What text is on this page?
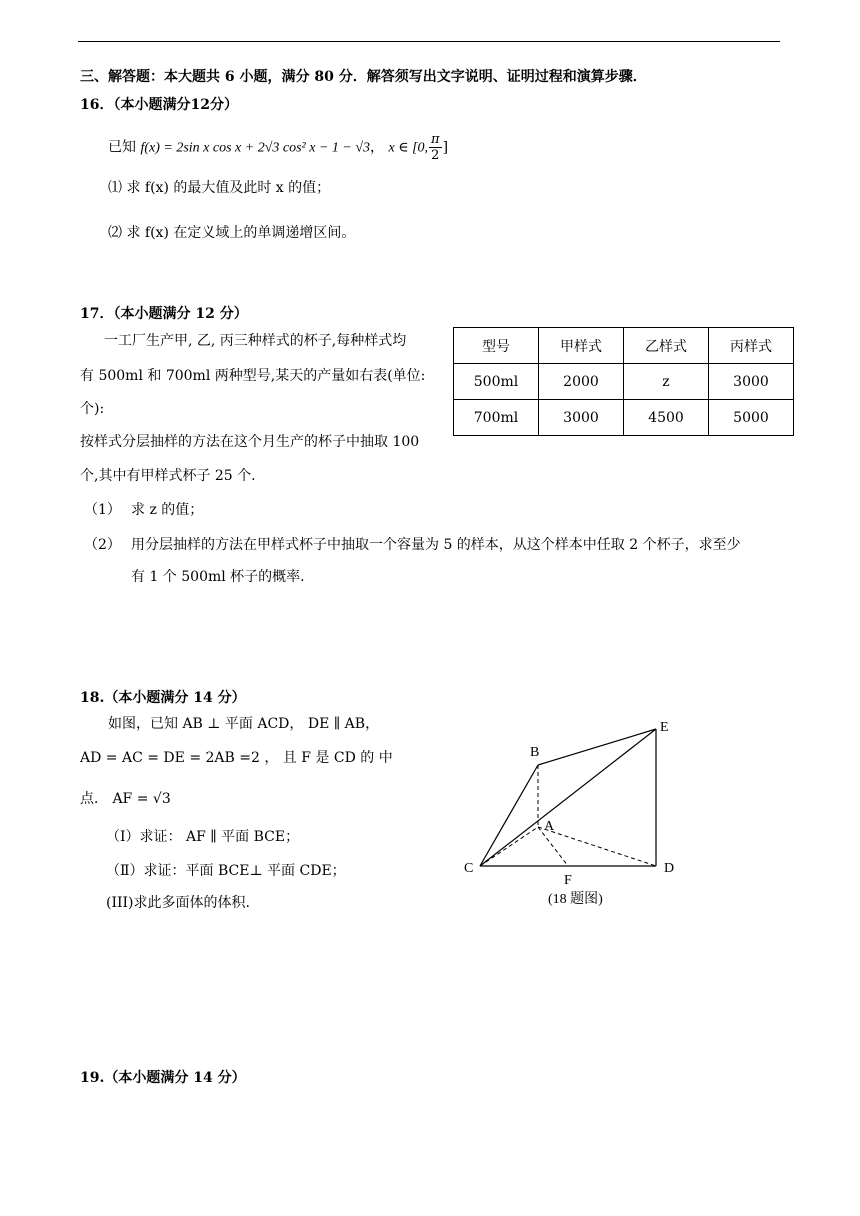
三、解答题：本大题共 6 小题，满分 80 分．解答须写出文字说明、证明过程和演算步骤．
16．（本小题满分12分）
已知 f(x) = 2sin x cos x + 2√3 cos² x − 1 − √3， x ∈ [0, $\frac{\pi}{2}$ ]
⑴ 求 f(x) 的最大值及此时 x 的值；
⑵ 求 f(x) 在定义域上的单调递增区间。
17．（本小题满分 12 分）
一工厂生产甲, 乙, 丙三种样式的杯子,每种样式均
有 500ml 和 700ml 两种型号,某天的产量如右表(单位:
个):
按样式分层抽样的方法在这个月生产的杯子中抽取 100
个,其中有甲样式杯子 25 个.
型号	甲样式	乙样式	丙样式
500ml	2000	z	3000
700ml	3000	4500	5000
（1） 求 z 的值；
（2） 用分层抽样的方法在甲样式杯子中抽取一个容量为 5 的样本，从这个样本中任取 2 个杯子，求至少
有 1 个 500ml 杯子的概率.
18.（本小题满分 14 分）
如图，已知 AB ⊥ 平面 ACD， DE ∥ AB，
AD = AC = DE = 2AB =2 ， 且 F 是 CD 的 中
点． AF = √3
（Ⅰ）求证： AF ∥ 平面 BCE；
（Ⅱ）求证：平面 BCE⊥ 平面 CDE；
(III)求此多面体的体积.
B
E
A
C	D
F
(18 题图)
19.（本小题满分 14 分）
